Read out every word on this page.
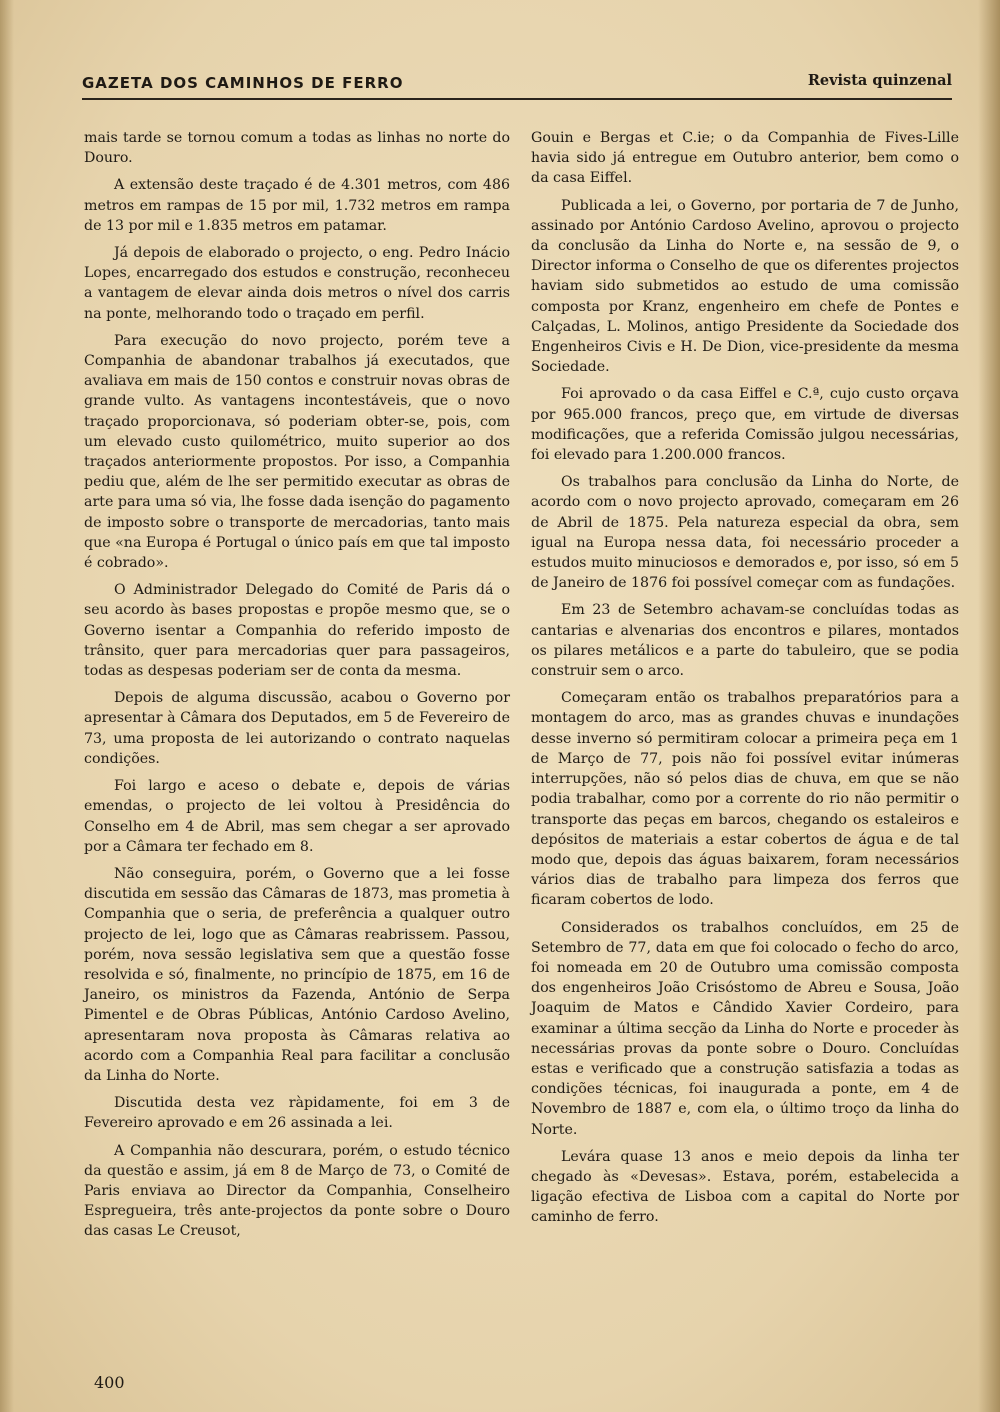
GAZETA DOS CAMINHOS DE FERRO	Revista quinzenal

mais tarde se tornou comum a todas as linhas no norte do Douro.

A extensão deste traçado é de 4.301 metros, com 486 metros em rampas de 15 por mil, 1.732 metros em rampa de 13 por mil e 1.835 metros em patamar.

Já depois de elaborado o projecto, o eng. Pedro Inácio Lopes, encarregado dos estudos e construção, reconheceu a vantagem de elevar ainda dois metros o nível dos carris na ponte, melhorando todo o traçado em perfil.

Para execução do novo projecto, porém teve a Companhia de abandonar trabalhos já executados, que avaliava em mais de 150 contos e construir novas obras de grande vulto. As vantagens incontestáveis, que o novo traçado proporcionava, só poderiam obter-se, pois, com um elevado custo quilométrico, muito superior ao dos traçados anteriormente propostos. Por isso, a Companhia pediu que, além de lhe ser permitido executar as obras de arte para uma só via, lhe fosse dada isenção do pagamento de imposto sobre o transporte de mercadorias, tanto mais que «na Europa é Portugal o único país em que tal imposto é cobrado».

O Administrador Delegado do Comité de Paris dá o seu acordo às bases propostas e propõe mesmo que, se o Governo isentar a Companhia do referido imposto de trânsito, quer para mercadorias quer para passageiros, todas as despesas poderiam ser de conta da mesma.

Depois de alguma discussão, acabou o Governo por apresentar à Câmara dos Deputados, em 5 de Fevereiro de 73, uma proposta de lei autorizando o contrato naquelas condições.

Foi largo e aceso o debate e, depois de várias emendas, o projecto de lei voltou à Presidência do Conselho em 4 de Abril, mas sem chegar a ser aprovado por a Câmara ter fechado em 8.

Não conseguira, porém, o Governo que a lei fosse discutida em sessão das Câmaras de 1873, mas prometia à Companhia que o seria, de preferência a qualquer outro projecto de lei, logo que as Câmaras reabrissem. Passou, porém, nova sessão legislativa sem que a questão fosse resolvida e só, finalmente, no princípio de 1875, em 16 de Janeiro, os ministros da Fazenda, António de Serpa Pimentel e de Obras Públicas, António Cardoso Avelino, apresentaram nova proposta às Câmaras relativa ao acordo com a Companhia Real para facilitar a conclusão da Linha do Norte.

Discutida desta vez ràpidamente, foi em 3 de Fevereiro aprovado e em 26 assinada a lei.

A Companhia não descurara, porém, o estudo técnico da questão e assim, já em 8 de Março de 73, o Comité de Paris enviava ao Director da Companhia, Conselheiro Espregueira, três ante-projectos da ponte sobre o Douro das casas Le Creusot,

Gouin e Bergas et C.ie; o da Companhia de Fives-Lille havia sido já entregue em Outubro anterior, bem como o da casa Eiffel.

Publicada a lei, o Governo, por portaria de 7 de Junho, assinado por António Cardoso Avelino, aprovou o projecto da conclusão da Linha do Norte e, na sessão de 9, o Director informa o Conselho de que os diferentes projectos haviam sido submetidos ao estudo de uma comissão composta por Kranz, engenheiro em chefe de Pontes e Calçadas, L. Molinos, antigo Presidente da Sociedade dos Engenheiros Civis e H. De Dion, vice-presidente da mesma Sociedade.

Foi aprovado o da casa Eiffel e C.ª, cujo custo orçava por 965.000 francos, preço que, em virtude de diversas modificações, que a referida Comissão julgou necessárias, foi elevado para 1.200.000 francos.

Os trabalhos para conclusão da Linha do Norte, de acordo com o novo projecto aprovado, começaram em 26 de Abril de 1875. Pela natureza especial da obra, sem igual na Europa nessa data, foi necessário proceder a estudos muito minuciosos e demorados e, por isso, só em 5 de Janeiro de 1876 foi possível começar com as fundações.

Em 23 de Setembro achavam-se concluídas todas as cantarias e alvenarias dos encontros e pilares, montados os pilares metálicos e a parte do tabuleiro, que se podia construir sem o arco.

Começaram então os trabalhos preparatórios para a montagem do arco, mas as grandes chuvas e inundações desse inverno só permitiram colocar a primeira peça em 1 de Março de 77, pois não foi possível evitar inúmeras interrupções, não só pelos dias de chuva, em que se não podia trabalhar, como por a corrente do rio não permitir o transporte das peças em barcos, chegando os estaleiros e depósitos de materiais a estar cobertos de água e de tal modo que, depois das águas baixarem, foram necessários vários dias de trabalho para limpeza dos ferros que ficaram cobertos de lodo.

Considerados os trabalhos concluídos, em 25 de Setembro de 77, data em que foi colocado o fecho do arco, foi nomeada em 20 de Outubro uma comissão composta dos engenheiros João Crisóstomo de Abreu e Sousa, João Joaquim de Matos e Cândido Xavier Cordeiro, para examinar a última secção da Linha do Norte e proceder às necessárias provas da ponte sobre o Douro. Concluídas estas e verificado que a construção satisfazia a todas as condições técnicas, foi inaugurada a ponte, em 4 de Novembro de 1887 e, com ela, o último troço da linha do Norte.

Levára quase 13 anos e meio depois da linha ter chegado às «Devesas». Estava, porém, estabelecida a ligação efectiva de Lisboa com a capital do Norte por caminho de ferro.

400
